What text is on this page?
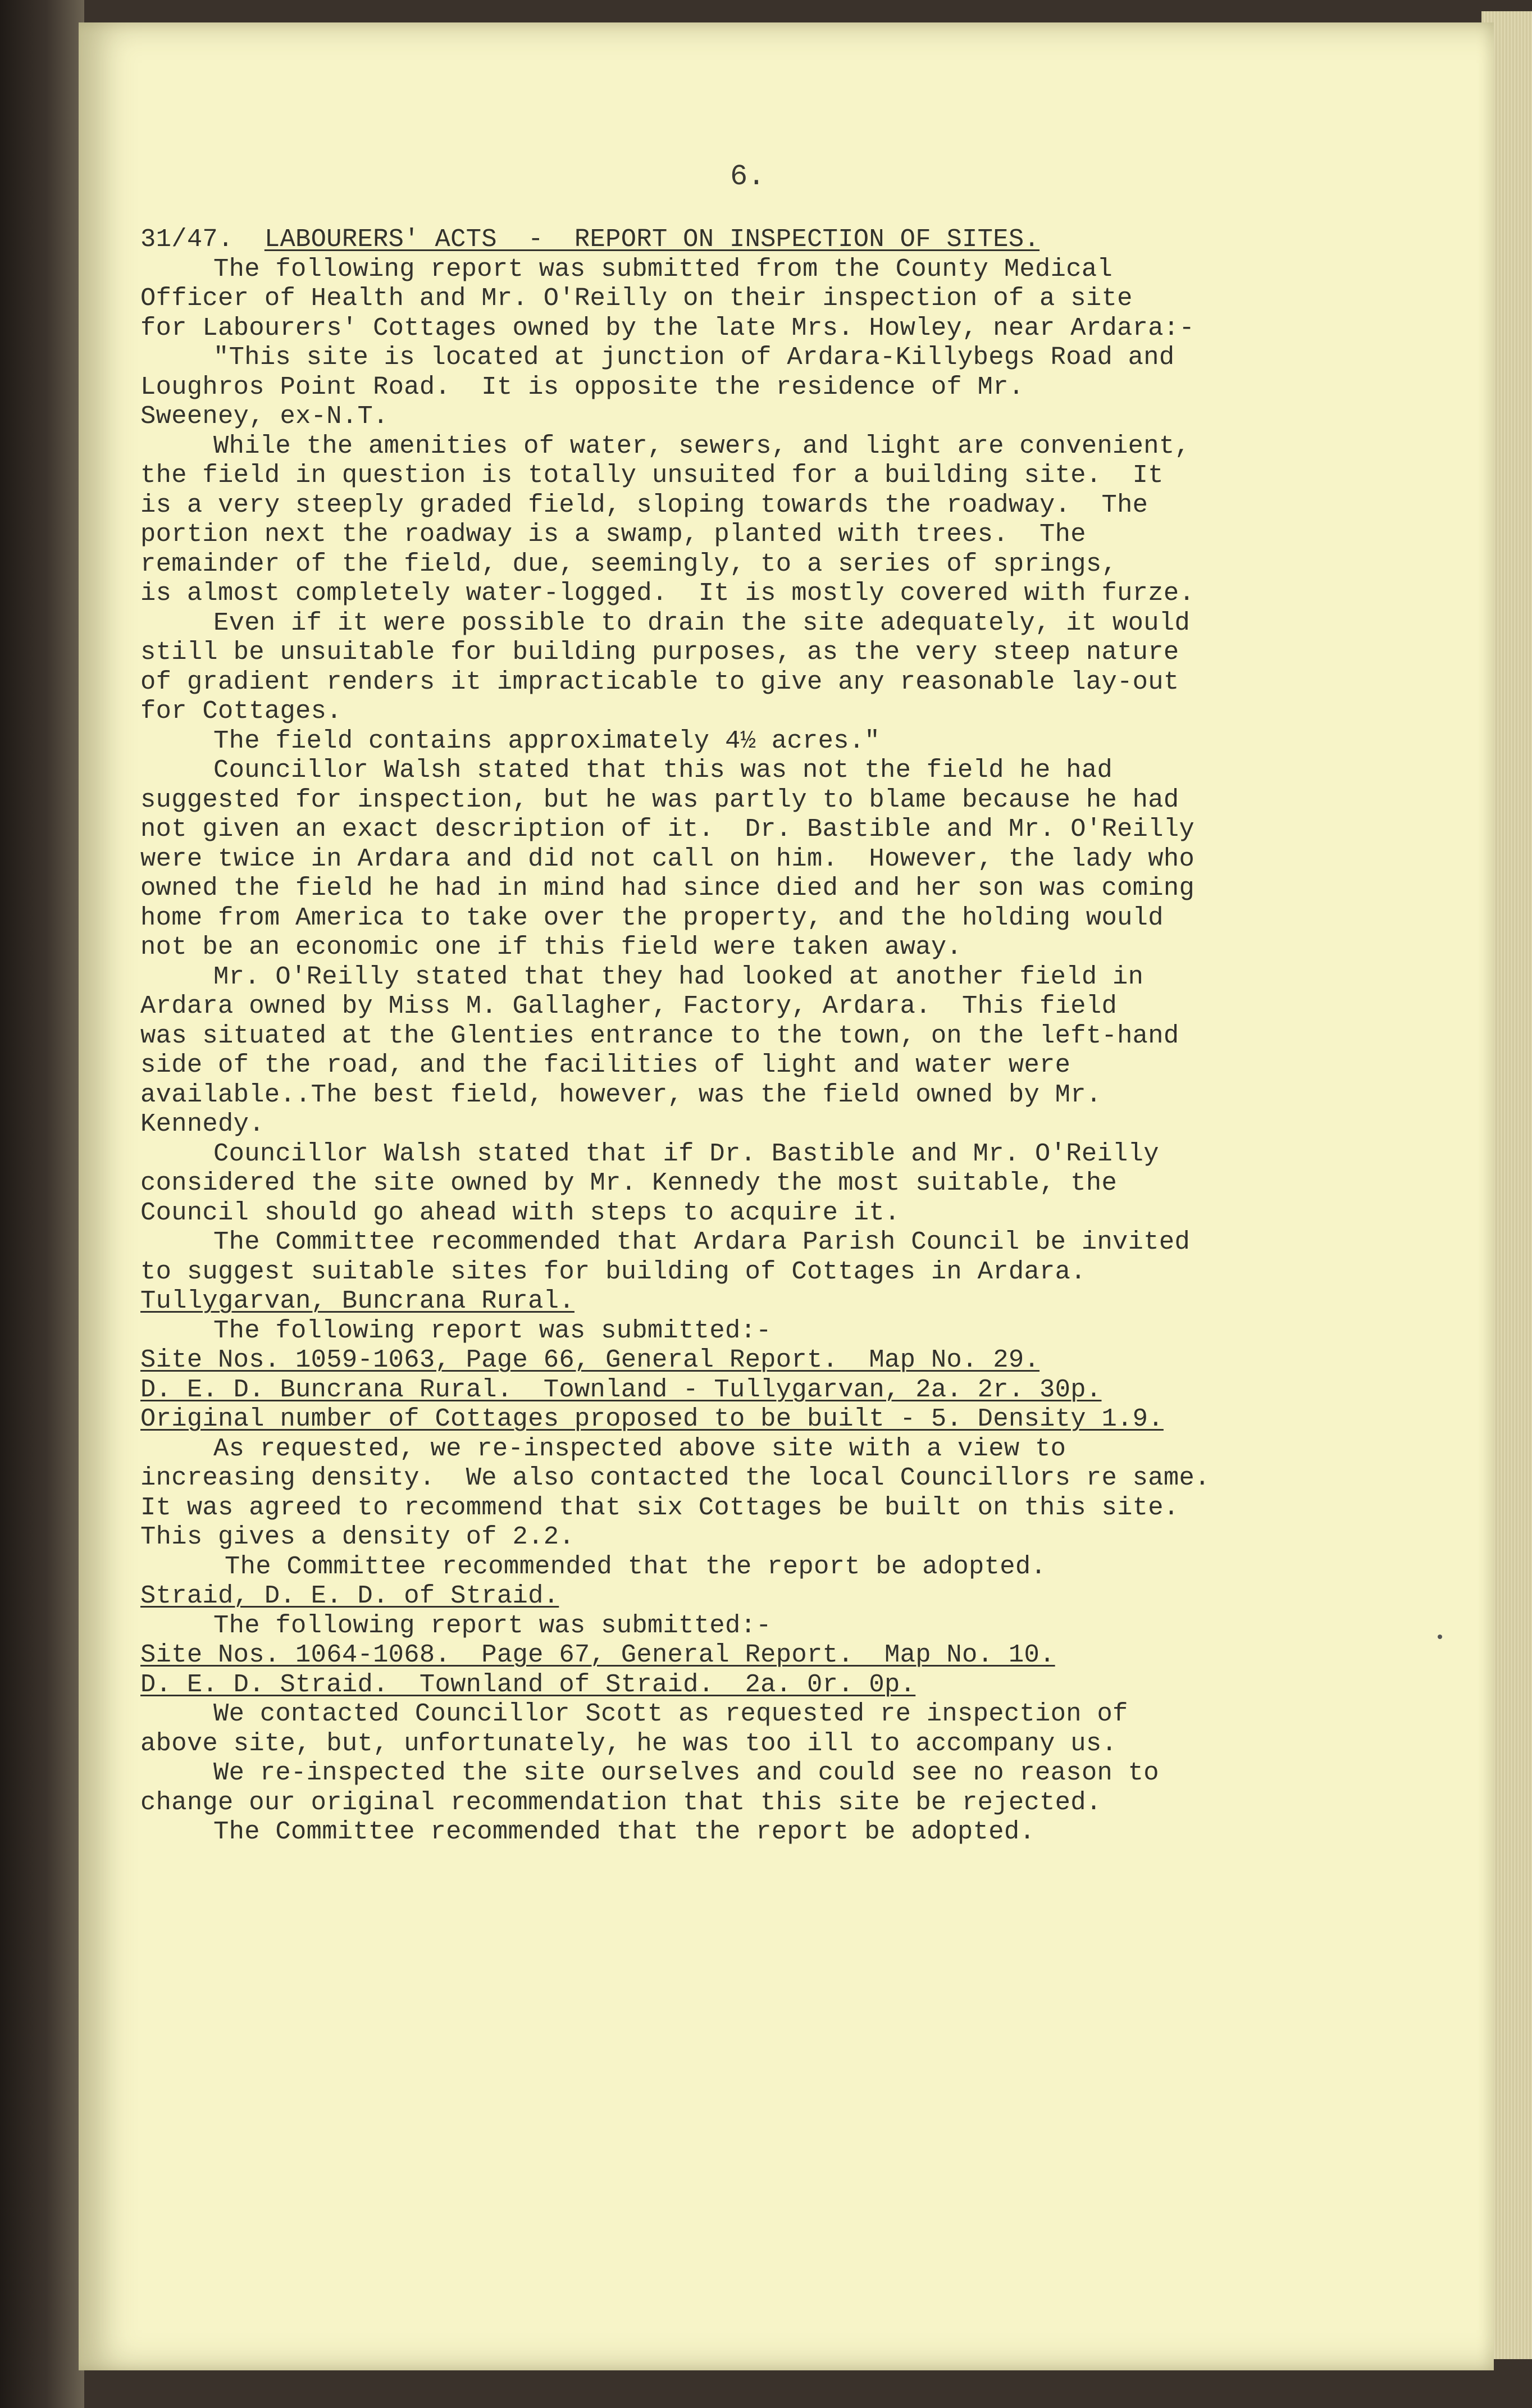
6.
31/47.  LABOURERS' ACTS  -  REPORT ON INSPECTION OF SITES.
The following report was submitted from the County Medical
Officer of Health and Mr. O'Reilly on their inspection of a site
for Labourers' Cottages owned by the late Mrs. Howley, near Ardara:-
"This site is located at junction of Ardara-Killybegs Road and
Loughros Point Road.  It is opposite the residence of Mr.
Sweeney, ex-N.T.
While the amenities of water, sewers, and light are convenient,
the field in question is totally unsuited for a building site.  It
is a very steeply graded field, sloping towards the roadway.  The
portion next the roadway is a swamp, planted with trees.  The
remainder of the field, due, seemingly, to a series of springs,
is almost completely water-logged.  It is mostly covered with furze.
Even if it were possible to drain the site adequately, it would
still be unsuitable for building purposes, as the very steep nature
of gradient renders it impracticable to give any reasonable lay-out
for Cottages.
The field contains approximately 4½ acres."
Councillor Walsh stated that this was not the field he had
suggested for inspection, but he was partly to blame because he had
not given an exact description of it.  Dr. Bastible and Mr. O'Reilly
were twice in Ardara and did not call on him.  However, the lady who
owned the field he had in mind had since died and her son was coming
home from America to take over the property, and the holding would
not be an economic one if this field were taken away.
Mr. O'Reilly stated that they had looked at another field in
Ardara owned by Miss M. Gallagher, Factory, Ardara.  This field
was situated at the Glenties entrance to the town, on the left-hand
side of the road, and the facilities of light and water were
available..The best field, however, was the field owned by Mr.
Kennedy.
Councillor Walsh stated that if Dr. Bastible and Mr. O'Reilly
considered the site owned by Mr. Kennedy the most suitable, the
Council should go ahead with steps to acquire it.
The Committee recommended that Ardara Parish Council be invited
to suggest suitable sites for building of Cottages in Ardara.
Tullygarvan, Buncrana Rural.
The following report was submitted:-
Site Nos. 1059-1063, Page 66, General Report.  Map No. 29.
D. E. D. Buncrana Rural.  Townland - Tullygarvan, 2a. 2r. 30p.
Original number of Cottages proposed to be built - 5. Density 1.9.
As requested, we re-inspected above site with a view to
increasing density.  We also contacted the local Councillors re same.
It was agreed to recommend that six Cottages be built on this site.
This gives a density of 2.2.
The Committee recommended that the report be adopted.
Straid, D. E. D. of Straid.
The following report was submitted:-
Site Nos. 1064-1068.  Page 67, General Report.  Map No. 10.
D. E. D. Straid.  Townland of Straid.  2a. 0r. 0p.
We contacted Councillor Scott as requested re inspection of
above site, but, unfortunately, he was too ill to accompany us.
We re-inspected the site ourselves and could see no reason to
change our original recommendation that this site be rejected.
The Committee recommended that the report be adopted.
